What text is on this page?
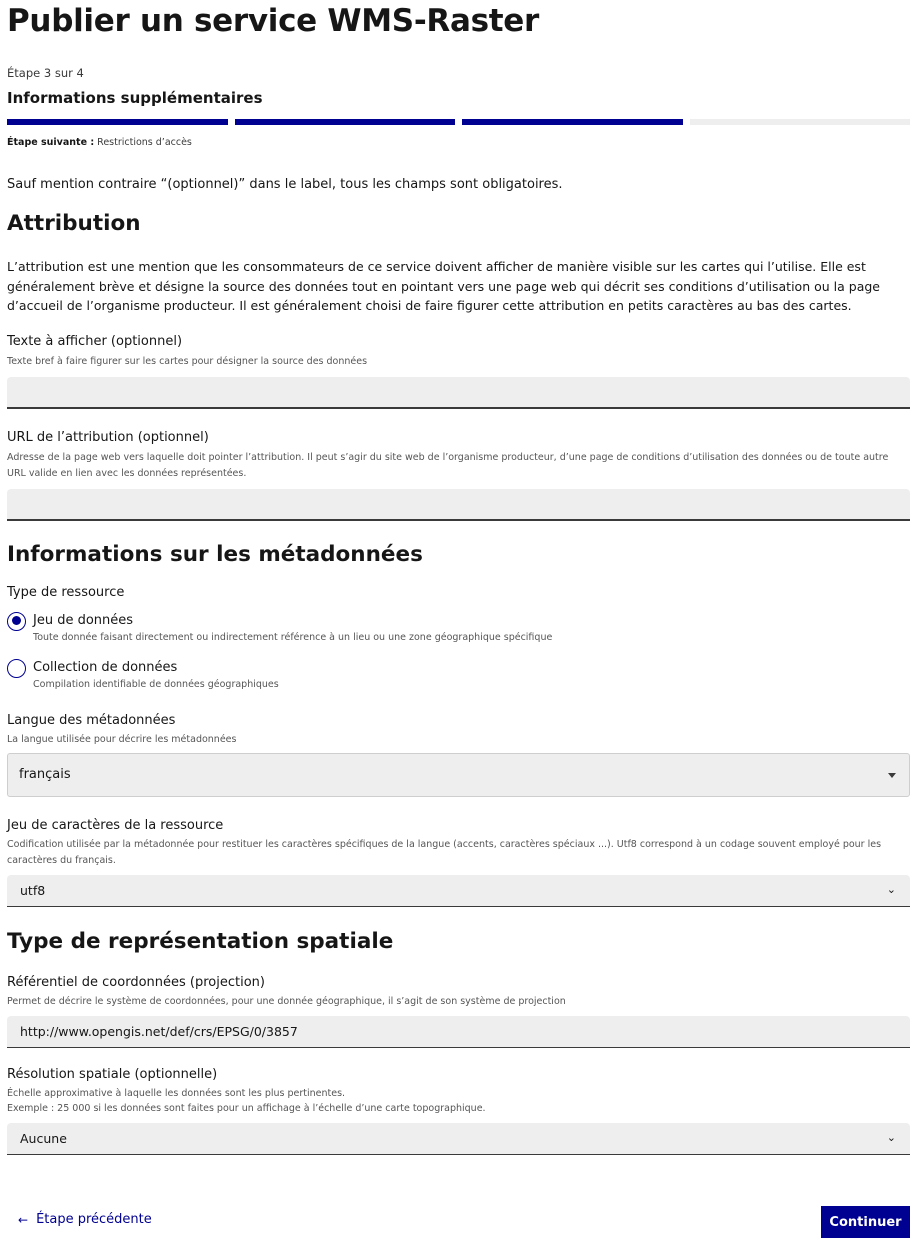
Publier un service WMS-Raster

Étape 3 sur 4

Informations supplémentaires

Étape suivante : Restrictions d’accès

Sauf mention contraire “(optionnel)” dans le label, tous les champs sont obligatoires.

Attribution

L’attribution est une mention que les consommateurs de ce service doivent afficher de manière visible sur les cartes qui l’utilise. Elle est généralement brève et désigne la source des données tout en pointant vers une page web qui décrit ses conditions d’utilisation ou la page d’accueil de l’organisme producteur. Il est généralement choisi de faire figurer cette attribution en petits caractères au bas des cartes.

Texte à afficher (optionnel)
Texte bref à faire figurer sur les cartes pour désigner la source des données
URL de l’attribution (optionnel)
Adresse de la page web vers laquelle doit pointer l’attribution. Il peut s’agir du site web de l’organisme producteur, d’une page de conditions d’utilisation des données ou de toute autre URL valide en lien avec les données représentées.
Informations sur les métadonnées
Type de ressource
Jeu de données
Toute donnée faisant directement ou indirectement référence à un lieu ou une zone géographique spécifique
Collection de données
Compilation identifiable de données géographiques
Langue des métadonnées
La langue utilisée pour décrire les métadonnées
français
Jeu de caractères de la ressource
Codification utilisée par la métadonnée pour restituer les caractères spécifiques de la langue (accents, caractères spéciaux ...). Utf8 correspond à un codage souvent employé pour les caractères du français.
utf8	⌄
Type de représentation spatiale
Référentiel de coordonnées (projection)
Permet de décrire le système de coordonnées, pour une donnée géographique, il s’agit de son système de projection
http://www.opengis.net/def/crs/EPSG/0/3857
Résolution spatiale (optionnelle)
Échelle approximative à laquelle les données sont les plus pertinentes.
Exemple : 25 000 si les données sont faites pour un affichage à l’échelle d’une carte topographique.
Aucune	⌄
← Étape précédente	Continuer
